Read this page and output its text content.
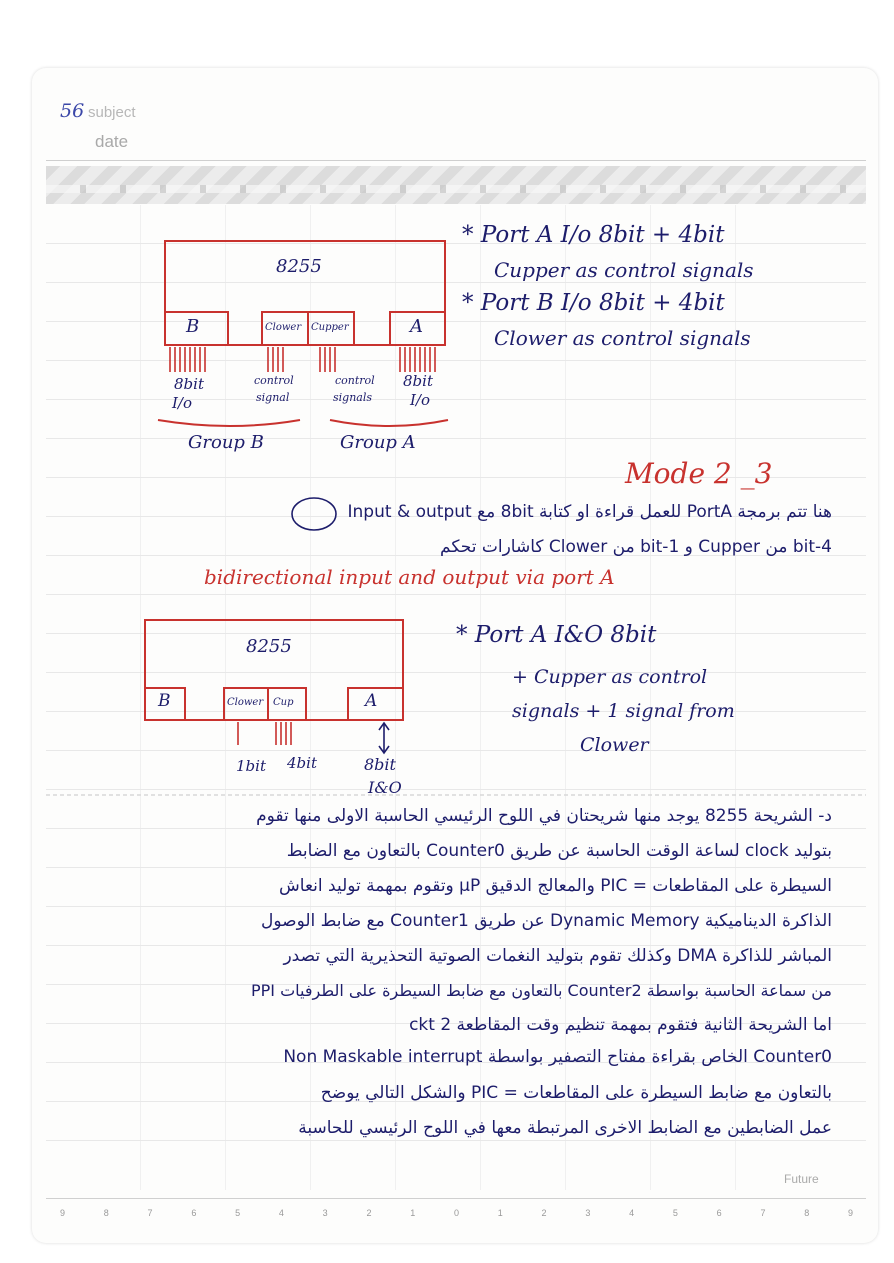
56 subject
date
8255
B	Clower Cupper	A
8bit
I/o
control
signal
control
signals
8bit
I/o
Group B	Group A
* Port A I/o 8bit + 4bit
Cupper as control signals
* Port B I/o 8bit + 4bit
Clower as control signals
Mode 2 _3
هنا تتم برمجة PortA للعمل قراءة او كتابة 8bit مع Input & output
4-bit من Cupper و 1-bit من Clower كاشارات تحكم
bidirectional input and output via port A
8255
B	Clower Cup	A
1bit 4bit	8bit
I&O
* Port A I&O 8bit
+ Cupper as control
signals + 1 signal from
Clower
د- الشريحة 8255 يوجد منها شريحتان في اللوح الرئيسي الحاسبة الاولى منها تقوم
بتوليد clock لساعة الوقت الحاسبة عن طريق Counter0 بالتعاون مع الضابط
السيطرة على المقاطعات = PIC والمعالج الدقيق µP وتقوم بمهمة توليد انعاش
الذاكرة الديناميكية Dynamic Memory عن طريق Counter1 مع ضابط الوصول
المباشر للذاكرة DMA وكذلك تقوم بتوليد النغمات الصوتية التحذيرية التي تصدر
من سماعة الحاسبة بواسطة Counter2 بالتعاون مع ضابط السيطرة على الطرفيات PPI
اما الشريحة الثانية فتقوم بمهمة تنظيم وقت المقاطعة ckt 2
Counter0 الخاص بقراءة مفتاح التصفير بواسطة Non Maskable interrupt
بالتعاون مع ضابط السيطرة على المقاطعات = PIC والشكل التالي يوضح
عمل الضابطين مع الضابط الاخرى المرتبطة معها في اللوح الرئيسي للحاسبة
Future
9	8	7	6	5	4	3	2	1	0	1	2	3	4	5	6	7	8	9
